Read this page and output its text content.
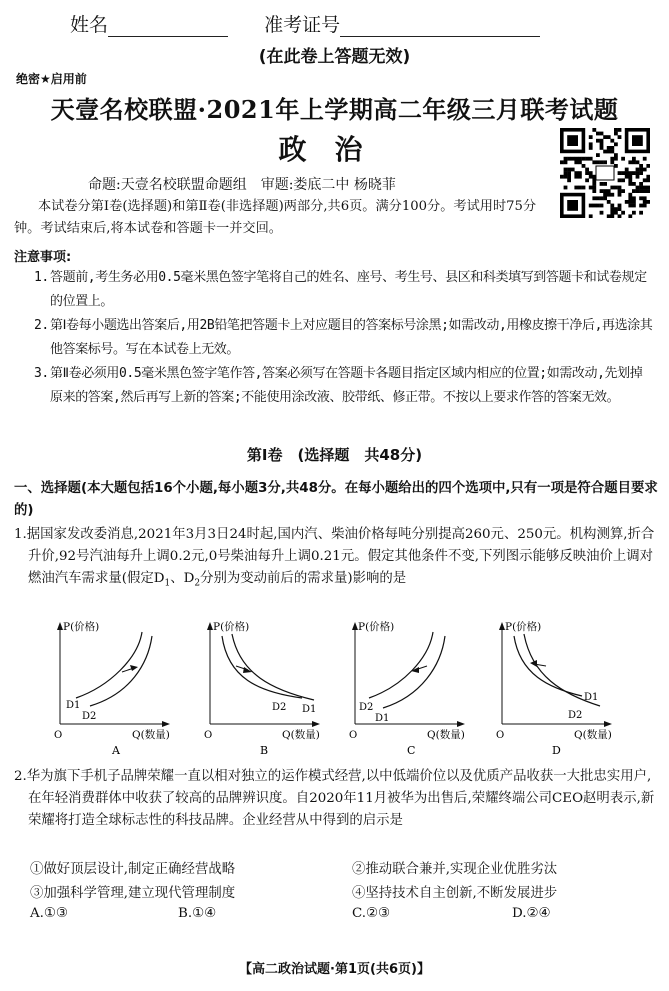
姓名	准考证号
(在此卷上答题无效)
绝密★启用前
天壹名校联盟·2021年上学期高二年级三月联考试题
政治
命题:天壹名校联盟命题组　审题:娄底二中 杨晓菲
本试卷分第Ⅰ卷(选择题)和第Ⅱ卷(非选择题)两部分,共6页。满分100分。考试用时75分钟。考试结束后,将本试卷和答题卡一并交回。
注意事项:
1. 答题前,考生务必用0.5毫米黑色签字笔将自己的姓名、座号、考生号、县区和科类填写到答题卡和试卷规定的位置上。
2. 第Ⅰ卷每小题选出答案后,用2B铅笔把答题卡上对应题目的答案标号涂黑;如需改动,用橡皮擦干净后,再选涂其他答案标号。写在本试卷上无效。
3. 第Ⅱ卷必须用0.5毫米黑色签字笔作答,答案必须写在答题卡各题目指定区域内相应的位置;如需改动,先划掉原来的答案,然后再写上新的答案;不能使用涂改液、胶带纸、修正带。不按以上要求作答的答案无效。
第Ⅰ卷　(选择题　共48分)
一、选择题(本大题包括16个小题,每小题3分,共48分。在每小题给出的四个选项中,只有一项是符合题目要求的)
1.据国家发改委消息,2021年3月3日24时起,国内汽、柴油价格每吨分别提高260元、250元。机构测算,折合升价,92号汽油每升上调0.2元,0号柴油每升上调0.21元。假定其他条件不变,下列图示能够反映油价上调对燃油汽车需求量(假定$D_1$、$D_2$分别为变动前后的需求量)影响的是
P(价格)
Q(数量)
O
D1
D2
A
P(价格)
Q(数量)
O
D2 D1
B
P(价格)
Q(数量)
O
D2
D1
C
P(价格)
Q(数量)
O
D1
D2
D
2.华为旗下手机子品牌荣耀一直以相对独立的运作模式经营,以中低端价位以及优质产品收获一大批忠实用户,在年轻消费群体中收获了较高的品牌辨识度。自2020年11月被华为出售后,荣耀终端公司CEO赵明表示,新荣耀将打造全球标志性的科技品牌。企业经营从中得到的启示是
①做好顶层设计,制定正确经营战略	②推动联合兼并,实现企业优胜劣汰
③加强科学管理,建立现代管理制度	④坚持技术自主创新,不断发展进步
A.①③	B.①④	C.②③	D.②④
【高二政治试题·第1页(共6页)】
